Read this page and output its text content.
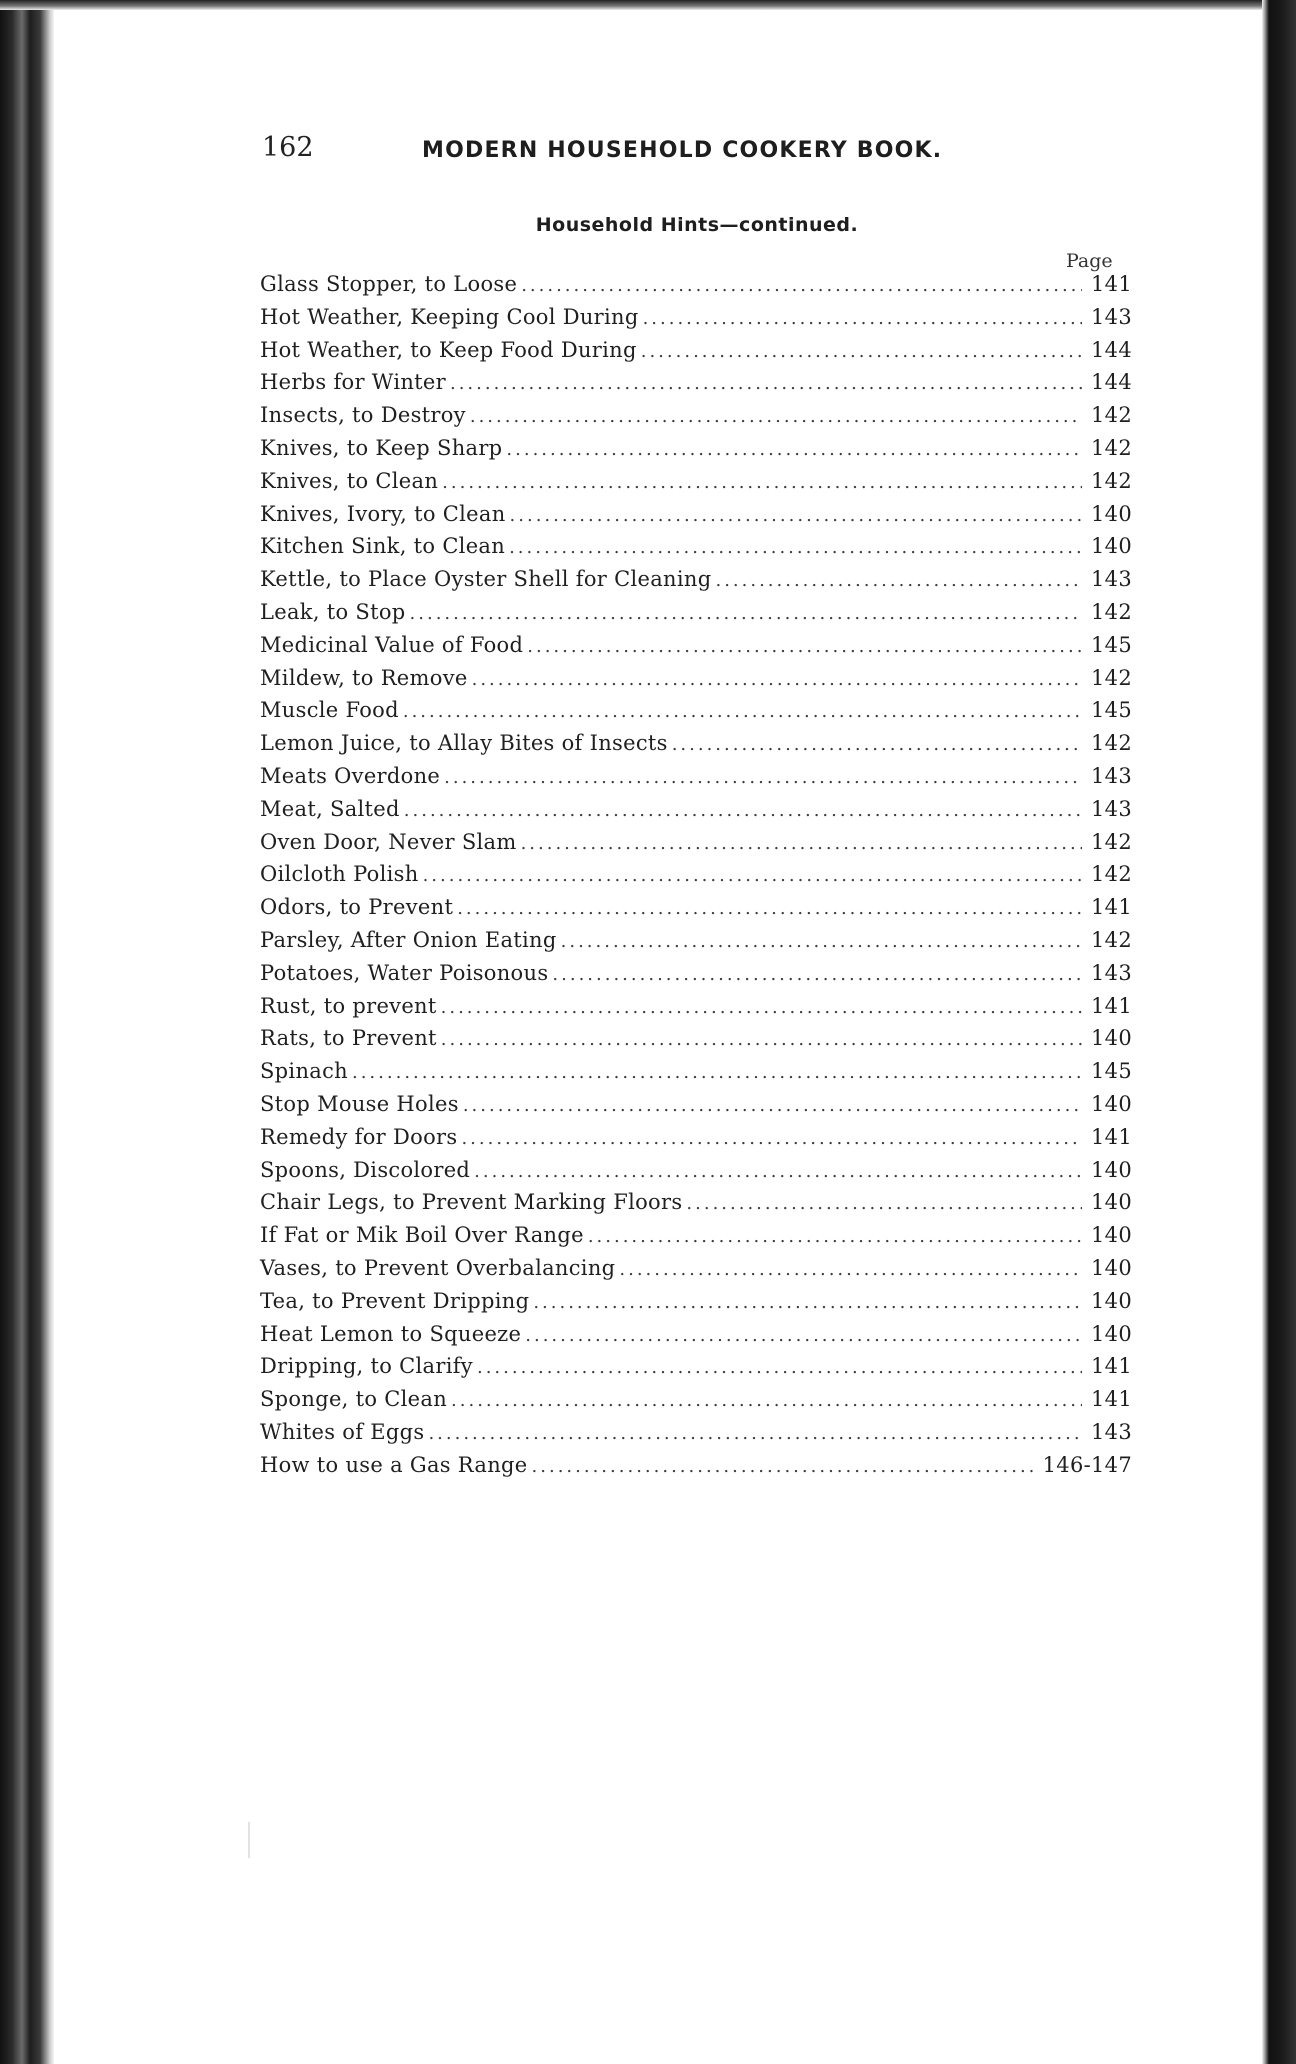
162	MODERN HOUSEHOLD COOKERY BOOK.
Household Hints—continued.
Page
Glass Stopper, to Loose .....	141
Hot Weather, Keeping Cool During .....	143
Hot Weather, to Keep Food During .....	144
Herbs for Winter .....	144
Insects, to Destroy .....	142
Knives, to Keep Sharp .....	142
Knives, to Clean .....	142
Knives, Ivory, to Clean .....	140
Kitchen Sink, to Clean .....	140
Kettle, to Place Oyster Shell for Cleaning .....	143
Leak, to Stop .....	142
Medicinal Value of Food .....	145
Mildew, to Remove .....	142
Muscle Food .....	145
Lemon Juice, to Allay Bites of Insects .....	142
Meats Overdone .....	143
Meat, Salted .....	143
Oven Door, Never Slam .....	142
Oilcloth Polish .....	142
Odors, to Prevent .....	141
Parsley, After Onion Eating .....	142
Potatoes, Water Poisonous .....	143
Rust, to prevent .....	141
Rats, to Prevent .....	140
Spinach .....	145
Stop Mouse Holes .....	140
Remedy for Doors .....	141
Spoons, Discolored .....	140
Chair Legs, to Prevent Marking Floors .....	140
If Fat or Mik Boil Over Range .....	140
Vases, to Prevent Overbalancing .....	140
Tea, to Prevent Dripping .....	140
Heat Lemon to Squeeze .....	140
Dripping, to Clarify .....	141
Sponge, to Clean .....	141
Whites of Eggs .....	143
How to use a Gas Range .....	146-147
